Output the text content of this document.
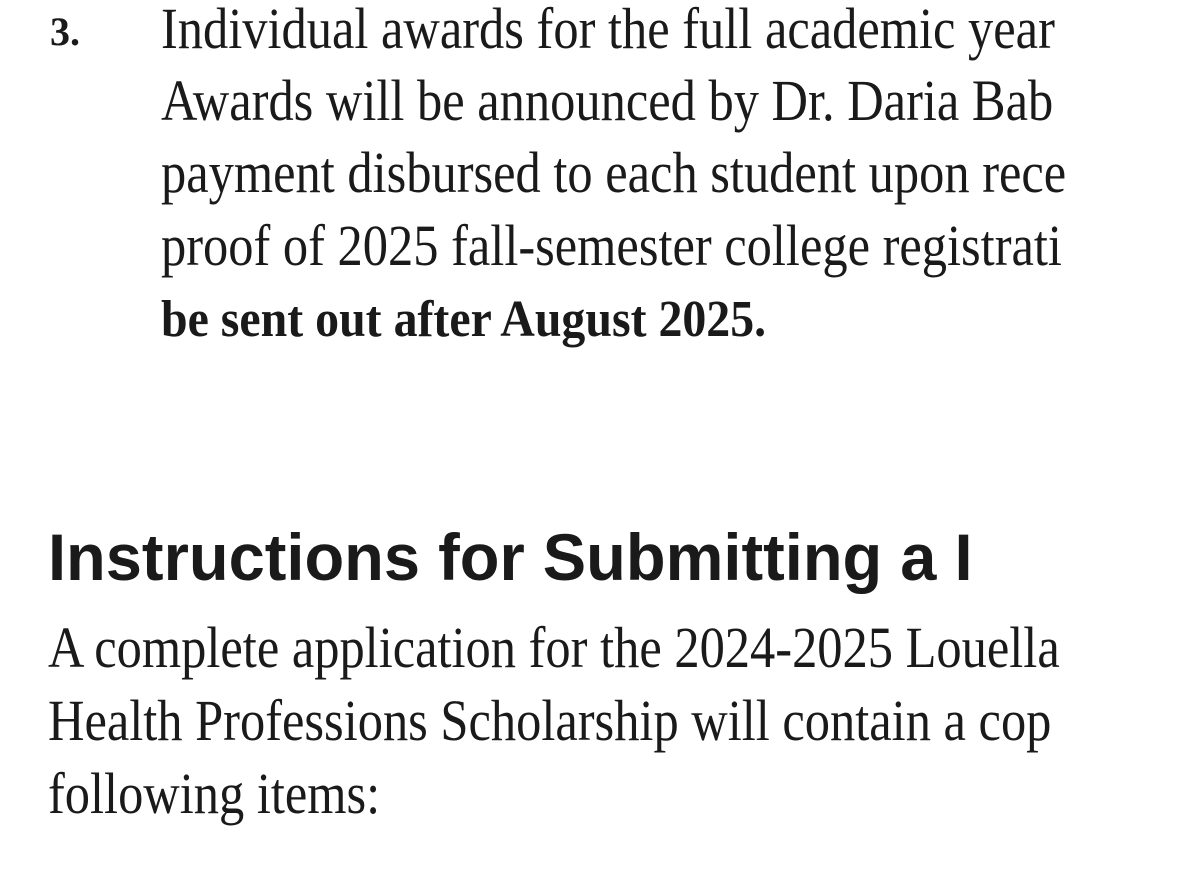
3. Individual awards for the full academic year
Awards will be announced by Dr. Daria Bab
payment disbursed to each student upon rece
proof of 2025 fall-semester college registrati
be sent out after August 2025.
Instructions for Submitting a I
A complete application for the 2024-2025 Louella
Health Professions Scholarship will contain a cop
following items:
